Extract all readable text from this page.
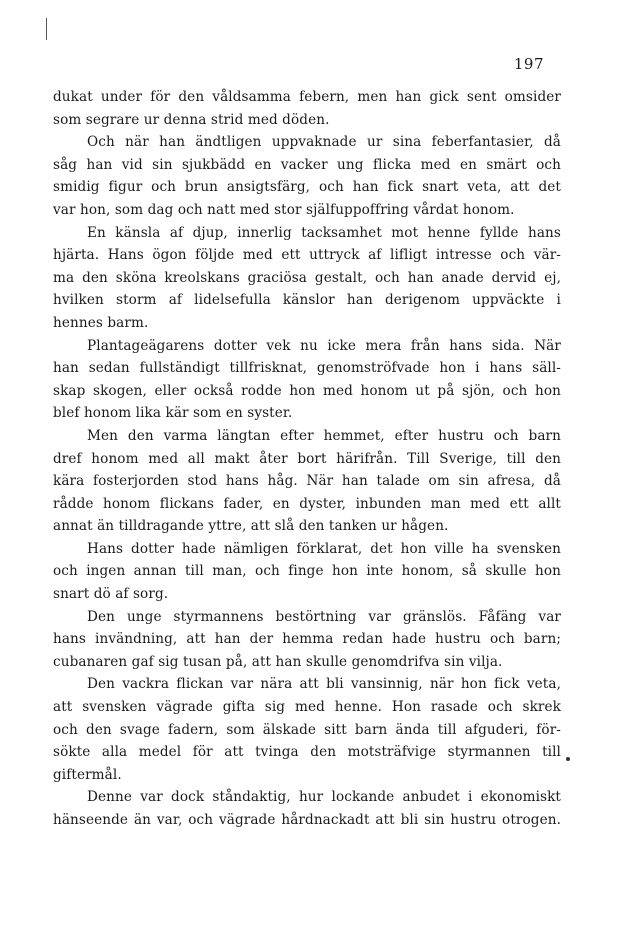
197
dukat under för den våldsamma febern, men han gick sent omsider
som segrare ur denna strid med döden.
Och när han ändtligen uppvaknade ur sina feberfantasier, då
såg han vid sin sjukbädd en vacker ung flicka med en smärt och
smidig figur och brun ansigtsfärg, och han fick snart veta, att det
var hon, som dag och natt med stor själfuppoffring vårdat honom.
En känsla af djup, innerlig tacksamhet mot henne fyllde hans
hjärta. Hans ögon följde med ett uttryck af lifligt intresse och vär-
ma den sköna kreolskans graciösa gestalt, och han anade dervid ej,
hvilken storm af lidelsefulla känslor han derigenom uppväckte i
hennes barm.
Plantageägarens dotter vek nu icke mera från hans sida. När
han sedan fullständigt tillfrisknat, genomströfvade hon i hans säll-
skap skogen, eller också rodde hon med honom ut på sjön, och hon
blef honom lika kär som en syster.
Men den varma längtan efter hemmet, efter hustru och barn
dref honom med all makt åter bort härifrån. Till Sverige, till den
kära fosterjorden stod hans håg. När han talade om sin afresa, då
rådde honom flickans fader, en dyster, inbunden man med ett allt
annat än tilldragande yttre, att slå den tanken ur hågen.
Hans dotter hade nämligen förklarat, det hon ville ha svensken
och ingen annan till man, och finge hon inte honom, så skulle hon
snart dö af sorg.
Den unge styrmannens bestörtning var gränslös. Fåfäng var
hans invändning, att han der hemma redan hade hustru och barn;
cubanaren gaf sig tusan på, att han skulle genomdrifva sin vilja.
Den vackra flickan var nära att bli vansinnig, när hon fick veta,
att svensken vägrade gifta sig med henne. Hon rasade och skrek
och den svage fadern, som älskade sitt barn ända till afguderi, för-
sökte alla medel för att tvinga den motsträfvige styrmannen till
giftermål.
Denne var dock ståndaktig, hur lockande anbudet i ekonomiskt
hänseende än var, och vägrade hårdnackadt att bli sin hustru otrogen.
